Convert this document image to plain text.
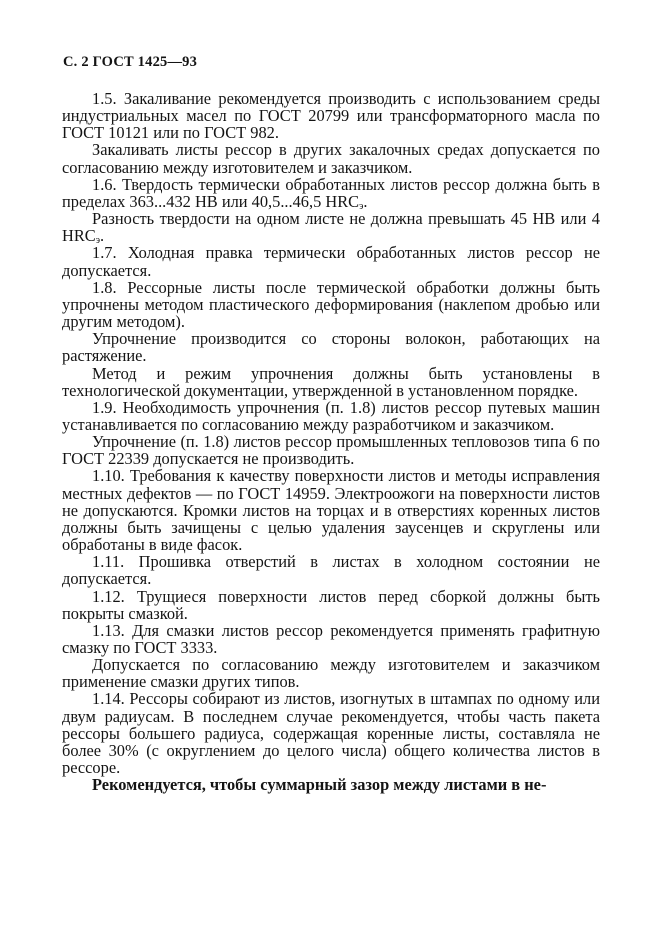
С. 2 ГОСТ 1425—93

1.5. Закаливание рекомендуется производить с использованием среды индустриальных масел по ГОСТ 20799 или трансформаторного масла по ГОСТ 10121 или по ГОСТ 982.

Закаливать листы рессор в других закалочных средах допускается по согласованию между изготовителем и заказчиком.

1.6. Твердость термически обработанных листов рессор должна быть в пределах 363...432 НВ или 40,5...46,5 $HRC_э$.

Разность твердости на одном листе не должна превышать 45 НВ или 4 $HRC_э$.

1.7. Холодная правка термически обработанных листов рессор не допускается.

1.8. Рессорные листы после термической обработки должны быть упрочнены методом пластического деформирования (наклепом дробью или другим методом).

Упрочнение производится со стороны волокон, работающих на растяжение.

Метод и режим упрочнения должны быть установлены в технологической документации, утвержденной в установленном порядке.

1.9. Необходимость упрочнения (п. 1.8) листов рессор путевых машин устанавливается по согласованию между разработчиком и заказчиком.

Упрочнение (п. 1.8) листов рессор промышленных тепловозов типа 6 по ГОСТ 22339 допускается не производить.

1.10. Требования к качеству поверхности листов и методы исправления местных дефектов — по ГОСТ 14959. Электроожоги на поверхности листов не допускаются. Кромки листов на торцах и в отверстиях коренных листов должны быть зачищены с целью удаления заусенцев и скруглены или обработаны в виде фасок.

1.11. Прошивка отверстий в листах в холодном состоянии не допускается.

1.12. Трущиеся поверхности листов перед сборкой должны быть покрыты смазкой.

1.13. Для смазки листов рессор рекомендуется применять графитную смазку по ГОСТ 3333.

Допускается по согласованию между изготовителем и заказчиком применение смазки других типов.

1.14. Рессоры собирают из листов, изогнутых в штампах по одному или двум радиусам. В последнем случае рекомендуется, чтобы часть пакета рессоры большего радиуса, содержащая коренные листы, составляла не более 30% (с округлением до целого числа) общего количества листов в рессоре.

Рекомендуется, чтобы суммарный зазор между листами в не-
